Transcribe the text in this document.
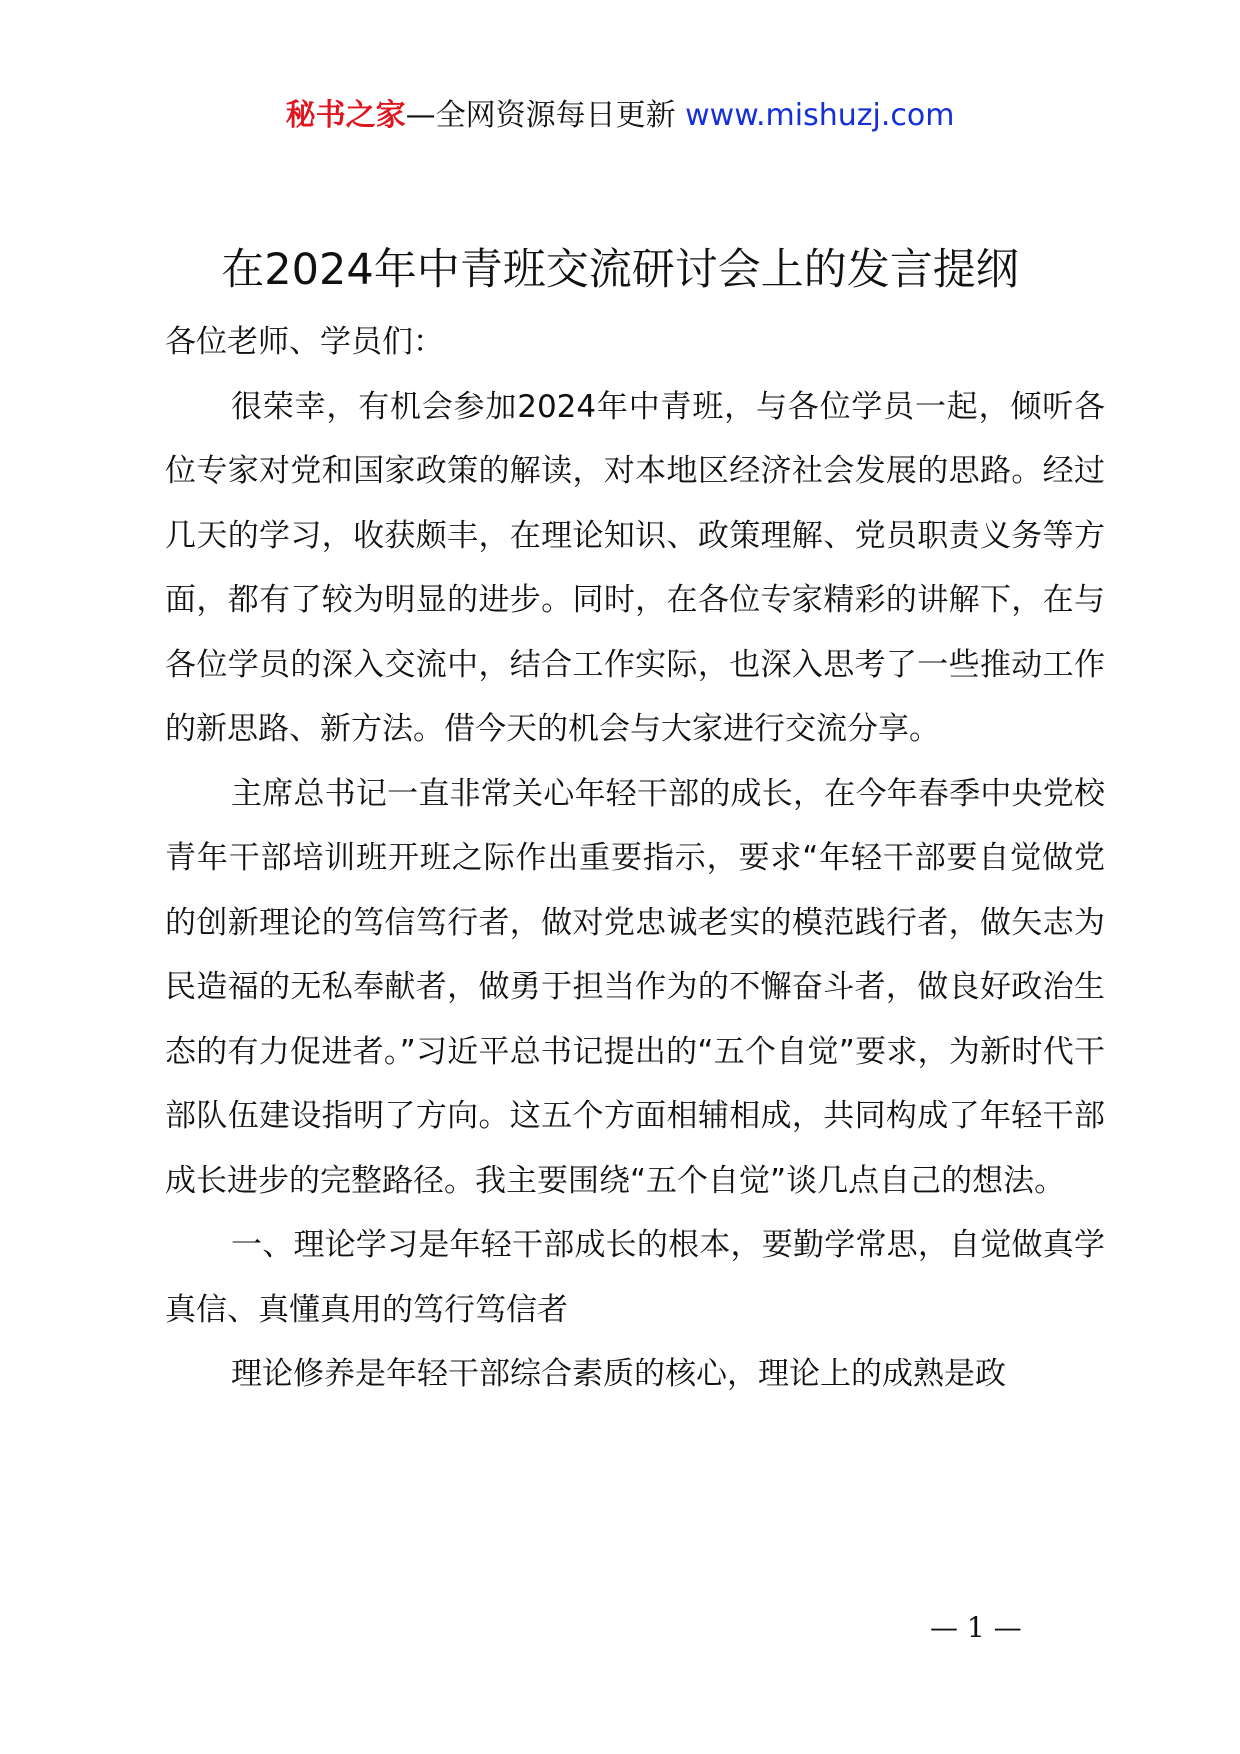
秘书之家—全网资源每日更新 www.mishuzj.com
在2024年中青班交流研讨会上的发言提纲

各位老师、学员们：

很荣幸，有机会参加2024年中青班，与各位学员一起，倾听各位专家对党和国家政策的解读，对本地区经济社会发展的思路。经过几天的学习，收获颇丰，在理论知识、政策理解、党员职责义务等方面，都有了较为明显的进步。同时，在各位专家精彩的讲解下，在与各位学员的深入交流中，结合工作实际，也深入思考了一些推动工作的新思路、新方法。借今天的机会与大家进行交流分享。

主席总书记一直非常关心年轻干部的成长，在今年春季中央党校青年干部培训班开班之际作出重要指示，要求“年轻干部要自觉做党的创新理论的笃信笃行者，做对党忠诚老实的模范践行者，做矢志为民造福的无私奉献者，做勇于担当作为的不懈奋斗者，做良好政治生态的有力促进者。”习近平总书记提出的“五个自觉”要求，为新时代干部队伍建设指明了方向。这五个方面相辅相成，共同构成了年轻干部成长进步的完整路径。我主要围绕“五个自觉”谈几点自己的想法。

一、理论学习是年轻干部成长的根本，要勤学常思，自觉做真学真信、真懂真用的笃行笃信者

理论修养是年轻干部综合素质的核心，理论上的成熟是政

— 1 —
